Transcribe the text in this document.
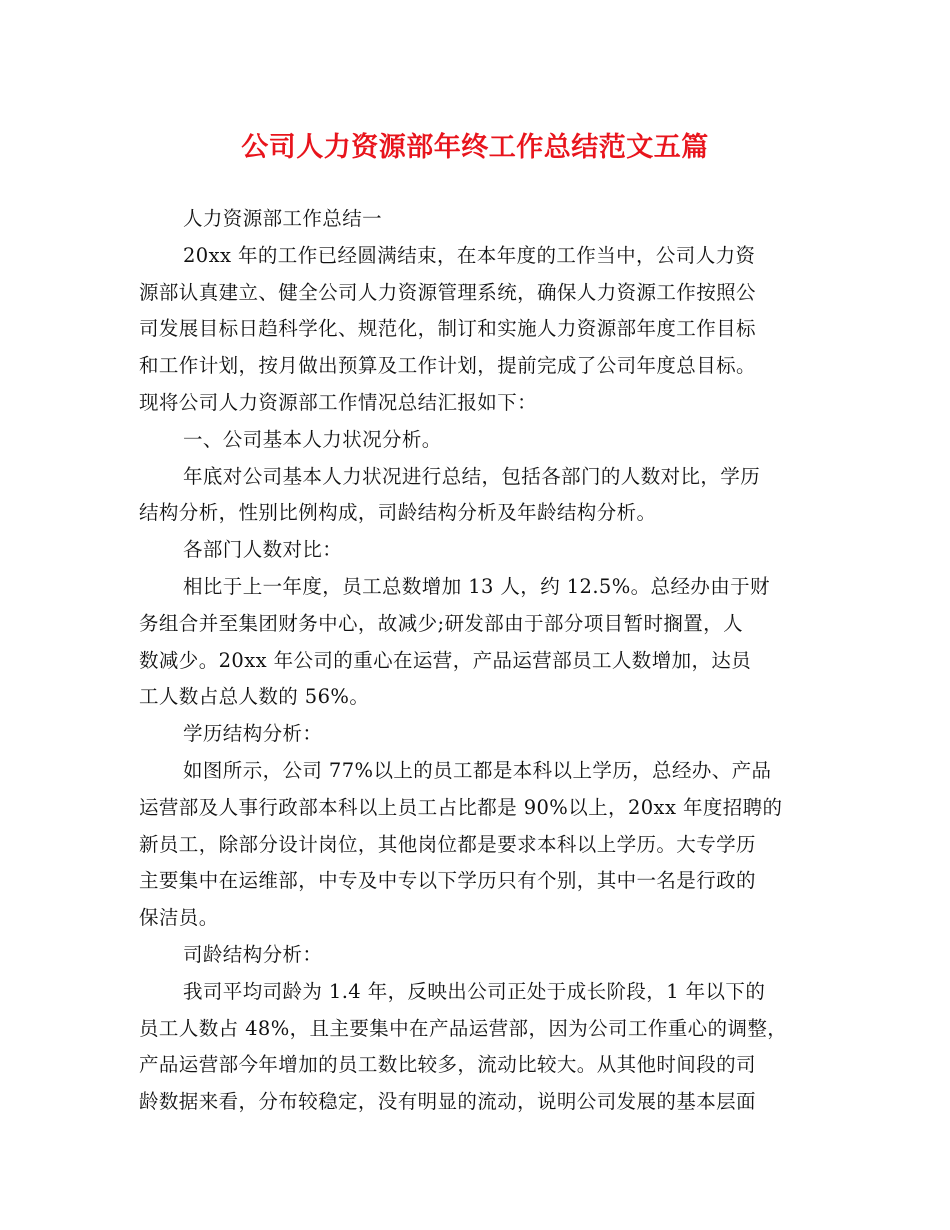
公司人力资源部年终工作总结范文五篇
人力资源部工作总结一
20xx 年的工作已经圆满结束，在本年度的工作当中，公司人力资
源部认真建立、健全公司人力资源管理系统，确保人力资源工作按照公
司发展目标日趋科学化、规范化，制订和实施人力资源部年度工作目标
和工作计划，按月做出预算及工作计划，提前完成了公司年度总目标。
现将公司人力资源部工作情况总结汇报如下：
一、公司基本人力状况分析。
年底对公司基本人力状况进行总结，包括各部门的人数对比，学历
结构分析，性别比例构成，司龄结构分析及年龄结构分析。
各部门人数对比：
相比于上一年度，员工总数增加 13 人，约 12.5%。总经办由于财
务组合并至集团财务中心，故减少;研发部由于部分项目暂时搁置，人
数减少。20xx 年公司的重心在运营，产品运营部员工人数增加，达员
工人数占总人数的 56%。
学历结构分析：
如图所示，公司 77%以上的员工都是本科以上学历，总经办、产品
运营部及人事行政部本科以上员工占比都是 90%以上，20xx 年度招聘的
新员工，除部分设计岗位，其他岗位都是要求本科以上学历。大专学历
主要集中在运维部，中专及中专以下学历只有个别，其中一名是行政的
保洁员。
司龄结构分析：
我司平均司龄为 1.4 年，反映出公司正处于成长阶段，1 年以下的
员工人数占 48%，且主要集中在产品运营部，因为公司工作重心的调整，
产品运营部今年增加的员工数比较多，流动比较大。从其他时间段的司
龄数据来看，分布较稳定，没有明显的流动，说明公司发展的基本层面
